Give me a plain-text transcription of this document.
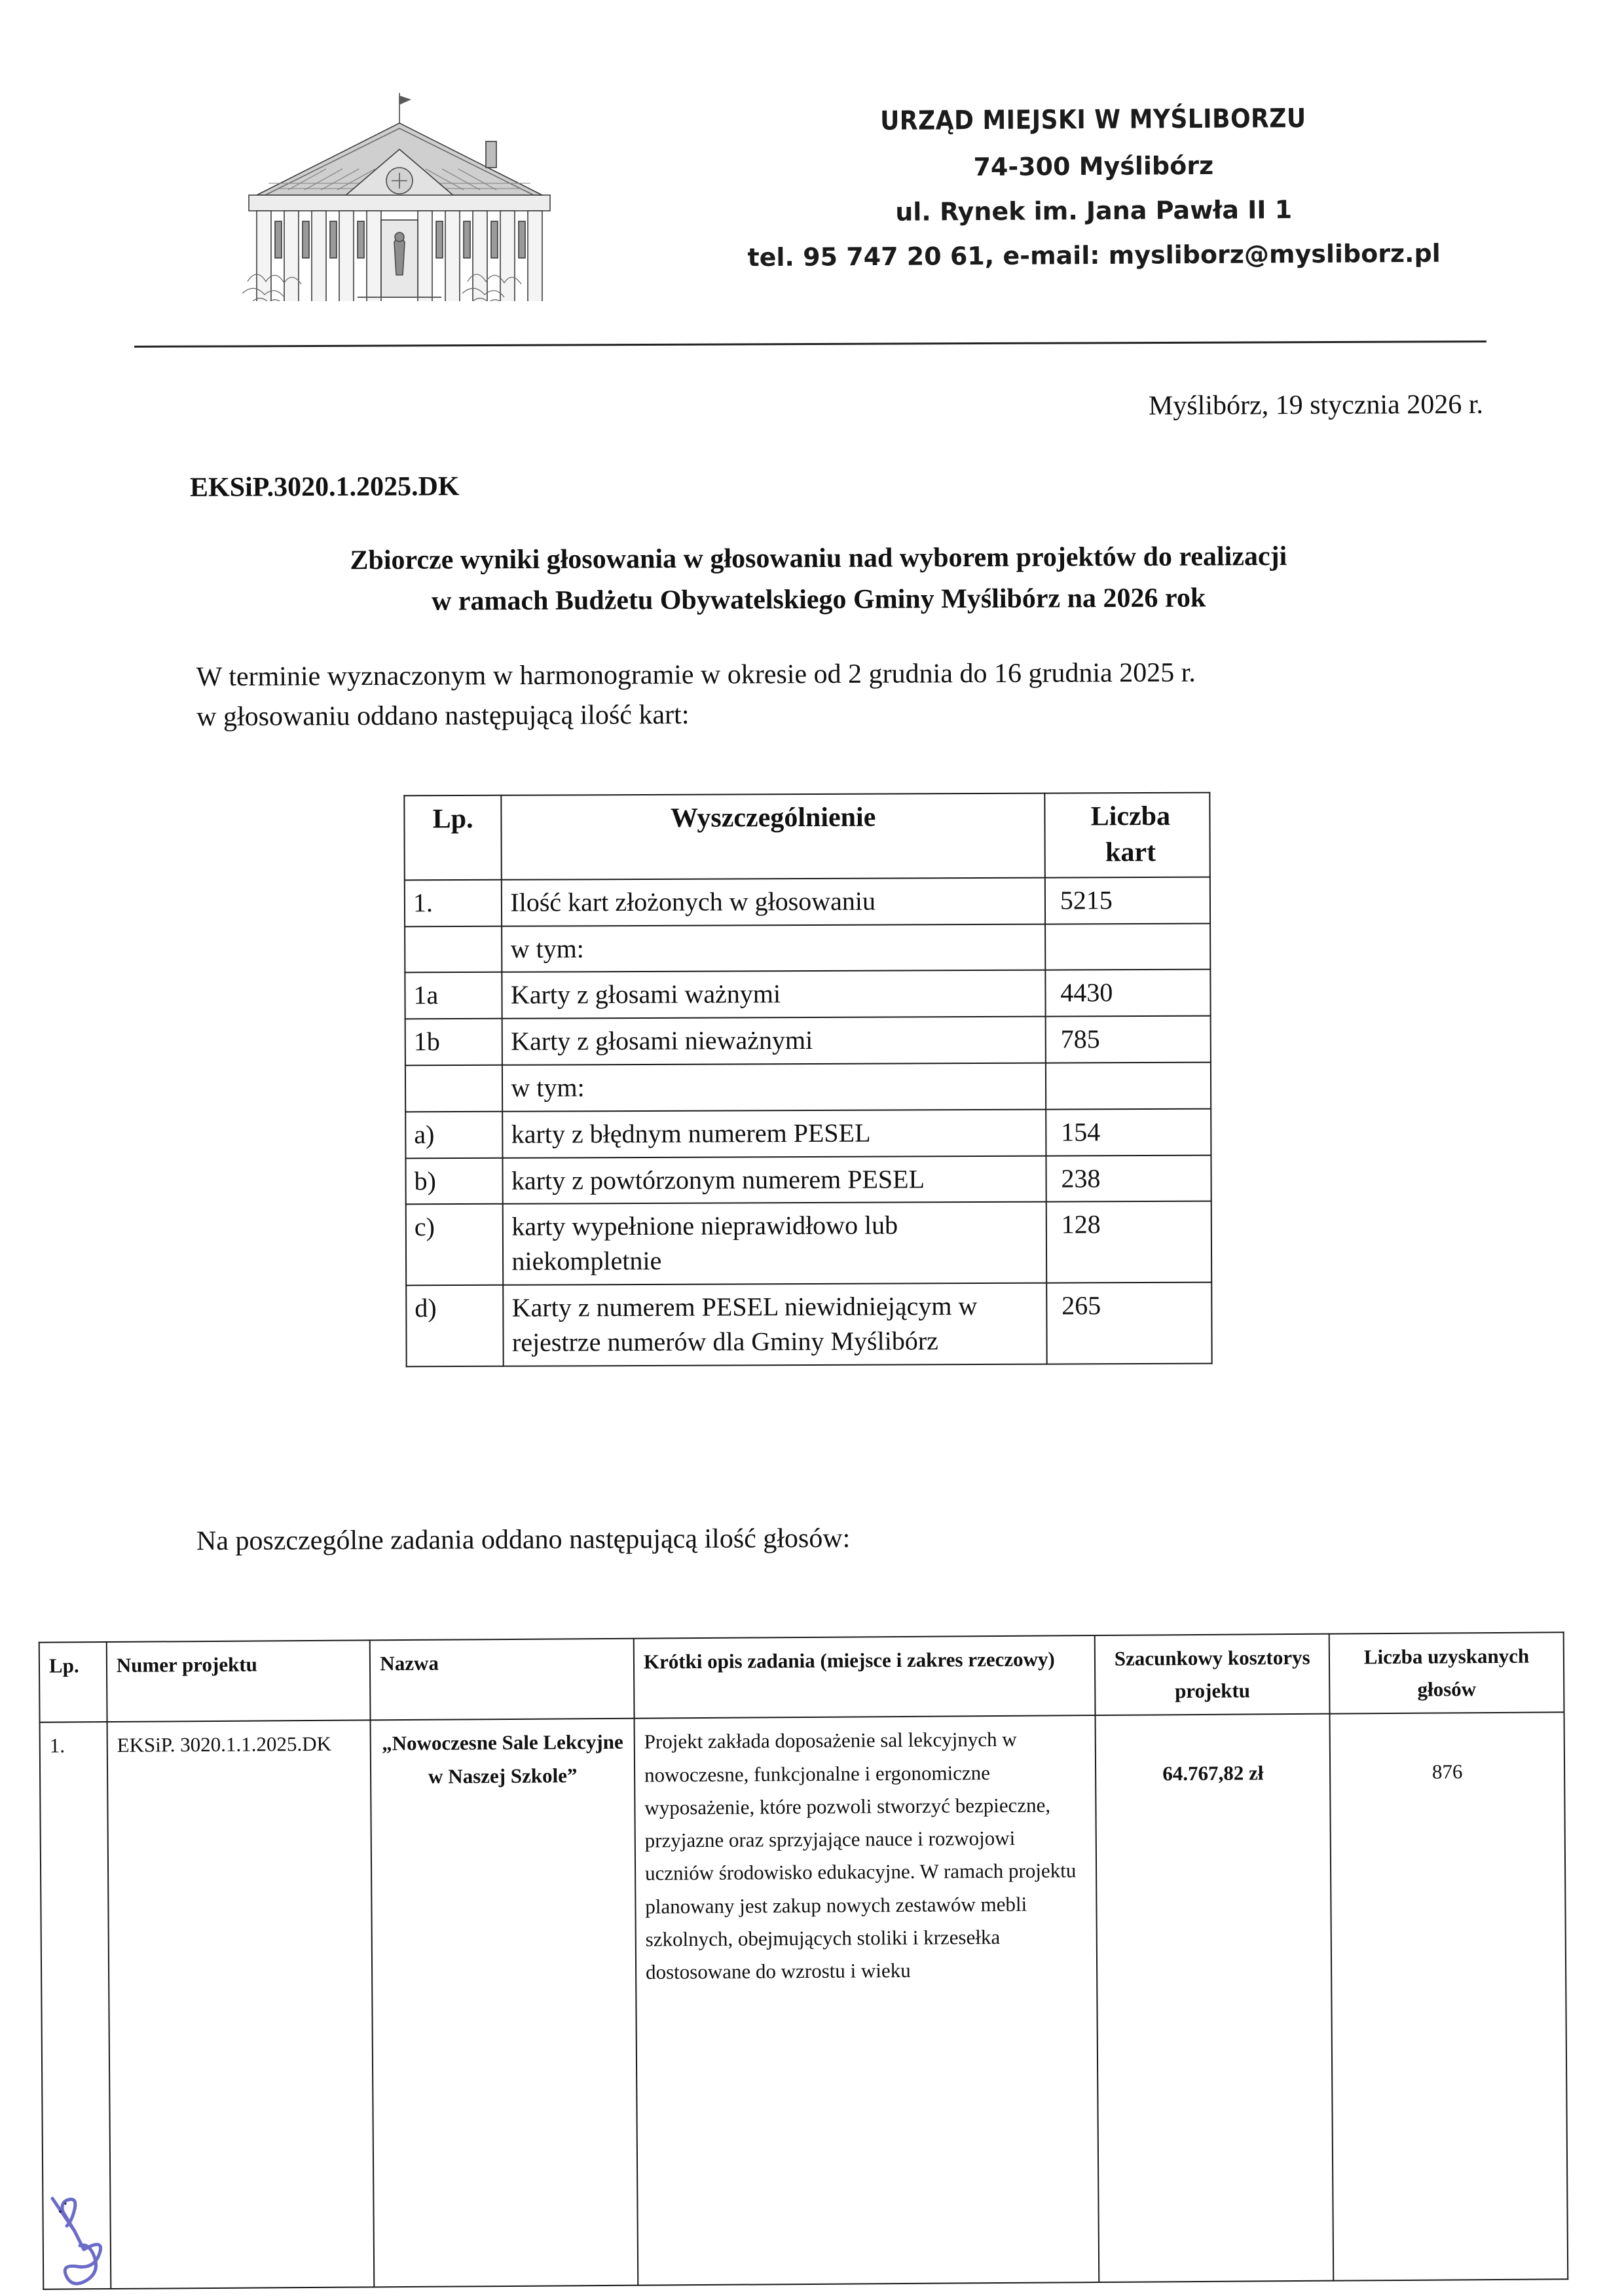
URZĄD MIEJSKI W MYŚLIBORZU
74-300 Myślibórz
ul. Rynek im. Jana Pawła II 1
tel. 95 747 20 61, e-mail: mysliborz@mysliborz.pl
Myślibórz, 19 stycznia 2026 r.
EKSiP.3020.1.2025.DK
Zbiorcze wyniki głosowania w głosowaniu nad wyborem projektów do realizacji
w ramach Budżetu Obywatelskiego Gminy Myślibórz na 2026 rok
W terminie wyznaczonym w harmonogramie w okresie od 2 grudnia do 16 grudnia 2025 r.
w głosowaniu oddano następującą ilość kart:
Lp.	Wyszczególnienie	Liczba
kart

1.	Ilość kart złożonych w głosowaniu	5215
	w tym:	
1a	Karty z głosami ważnymi	4430
1b	Karty z głosami nieważnymi	785
	w tym:	
a)	karty z błędnym numerem PESEL	154
b)	karty z powtórzonym numerem PESEL	238
c)	karty wypełnione nieprawidłowo lub niekompletnie	128
d)	Karty z numerem PESEL niewidniejącym w rejestrze numerów dla Gminy Myślibórz	265
Na poszczególne zadania oddano następującą ilość głosów:
Lp.	Numer projektu	Nazwa	Krótki opis zadania (miejsce i zakres rzeczowy)	Szacunkowy kosztorys projektu	Liczba uzyskanych głosów
1.	EKSiP. 3020.1.1.2025.DK	„Nowoczesne Sale Lekcyjne w Naszej Szkole”	Projekt zakłada doposażenie sal lekcyjnych w nowoczesne, funkcjonalne i ergonomiczne wyposażenie, które pozwoli stworzyć bezpieczne, przyjazne oraz sprzyjające nauce i rozwojowi uczniów środowisko edukacyjne. W ramach projektu planowany jest zakup nowych zestawów mebli szkolnych, obejmujących stoliki i krzesełka dostosowane do wzrostu i wieku	64.767,82 zł	876
